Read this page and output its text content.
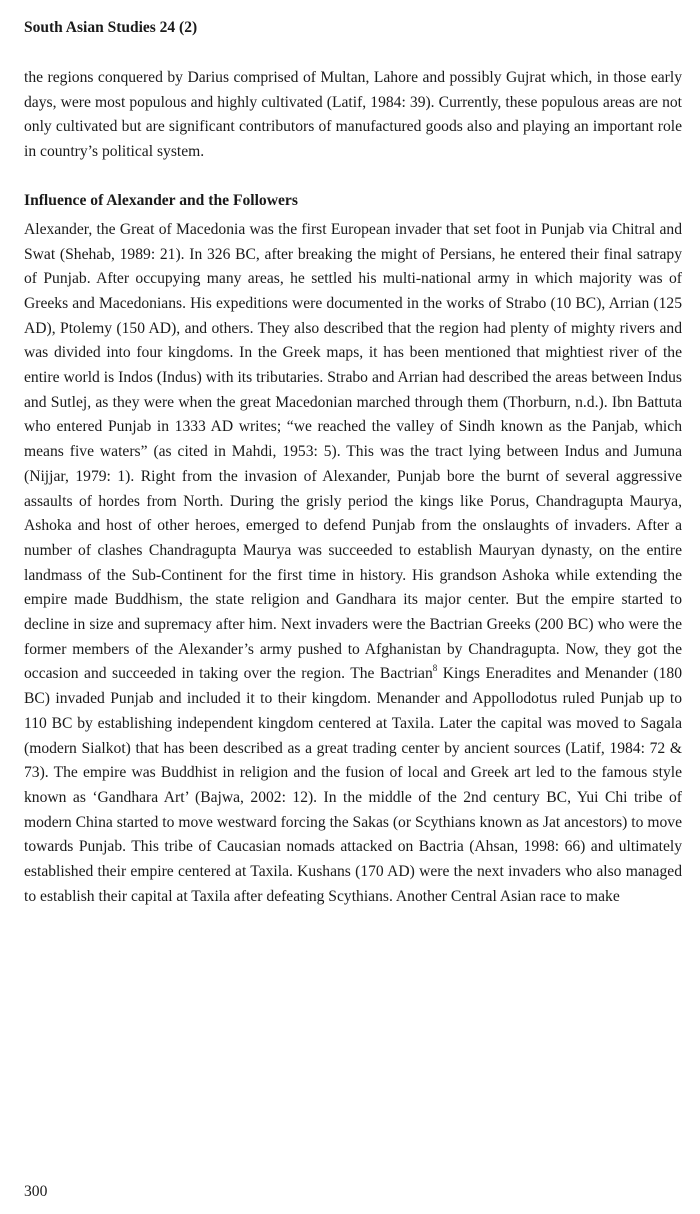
South Asian Studies 24 (2)

the regions conquered by Darius comprised of Multan, Lahore and possibly Gujrat which, in those early days, were most populous and highly cultivated (Latif, 1984: 39). Currently, these populous areas are not only cultivated but are significant contributors of manufactured goods also and playing an important role in country’s political system.

Influence of Alexander and the Followers

Alexander, the Great of Macedonia was the first European invader that set foot in Punjab via Chitral and Swat (Shehab, 1989: 21). In 326 BC, after breaking the might of Persians, he entered their final satrapy of Punjab. After occupying many areas, he settled his multi-national army in which majority was of Greeks and Macedonians. His expeditions were documented in the works of Strabo (10 BC), Arrian (125 AD), Ptolemy (150 AD), and others. They also described that the region had plenty of mighty rivers and was divided into four kingdoms. In the Greek maps, it has been mentioned that mightiest river of the entire world is Indos (Indus) with its tributaries. Strabo and Arrian had described the areas between Indus and Sutlej, as they were when the great Macedonian marched through them (Thorburn, n.d.). Ibn Battuta who entered Punjab in 1333 AD writes; “we reached the valley of Sindh known as the Panjab, which means five waters” (as cited in Mahdi, 1953: 5). This was the tract lying between Indus and Jumuna (Nijjar, 1979: 1). Right from the invasion of Alexander, Punjab bore the burnt of several aggressive assaults of hordes from North. During the grisly period the kings like Porus, Chandragupta Maurya, Ashoka and host of other heroes, emerged to defend Punjab from the onslaughts of invaders. After a number of clashes Chandragupta Maurya was succeeded to establish Mauryan dynasty, on the entire landmass of the Sub-Continent for the first time in history. His grandson Ashoka while extending the empire made Buddhism, the state religion and Gandhara its major center. But the empire started to decline in size and supremacy after him. Next invaders were the Bactrian Greeks (200 BC) who were the former members of the Alexander’s army pushed to Afghanistan by Chandragupta. Now, they got the occasion and succeeded in taking over the region. The Bactrian$^8$ Kings Eneradites and Menander (180 BC) invaded Punjab and included it to their kingdom. Menander and Appollodotus ruled Punjab up to 110 BC by establishing independent kingdom centered at Taxila. Later the capital was moved to Sagala (modern Sialkot) that has been described as a great trading center by ancient sources (Latif, 1984: 72 & 73). The empire was Buddhist in religion and the fusion of local and Greek art led to the famous style known as ‘Gandhara Art’ (Bajwa, 2002: 12). In the middle of the 2nd century BC, Yui Chi tribe of modern China started to move westward forcing the Sakas (or Scythians known as Jat ancestors) to move towards Punjab. This tribe of Caucasian nomads attacked on Bactria (Ahsan, 1998: 66) and ultimately established their empire centered at Taxila. Kushans (170 AD) were the next invaders who also managed to establish their capital at Taxila after defeating Scythians. Another Central Asian race to make

300
